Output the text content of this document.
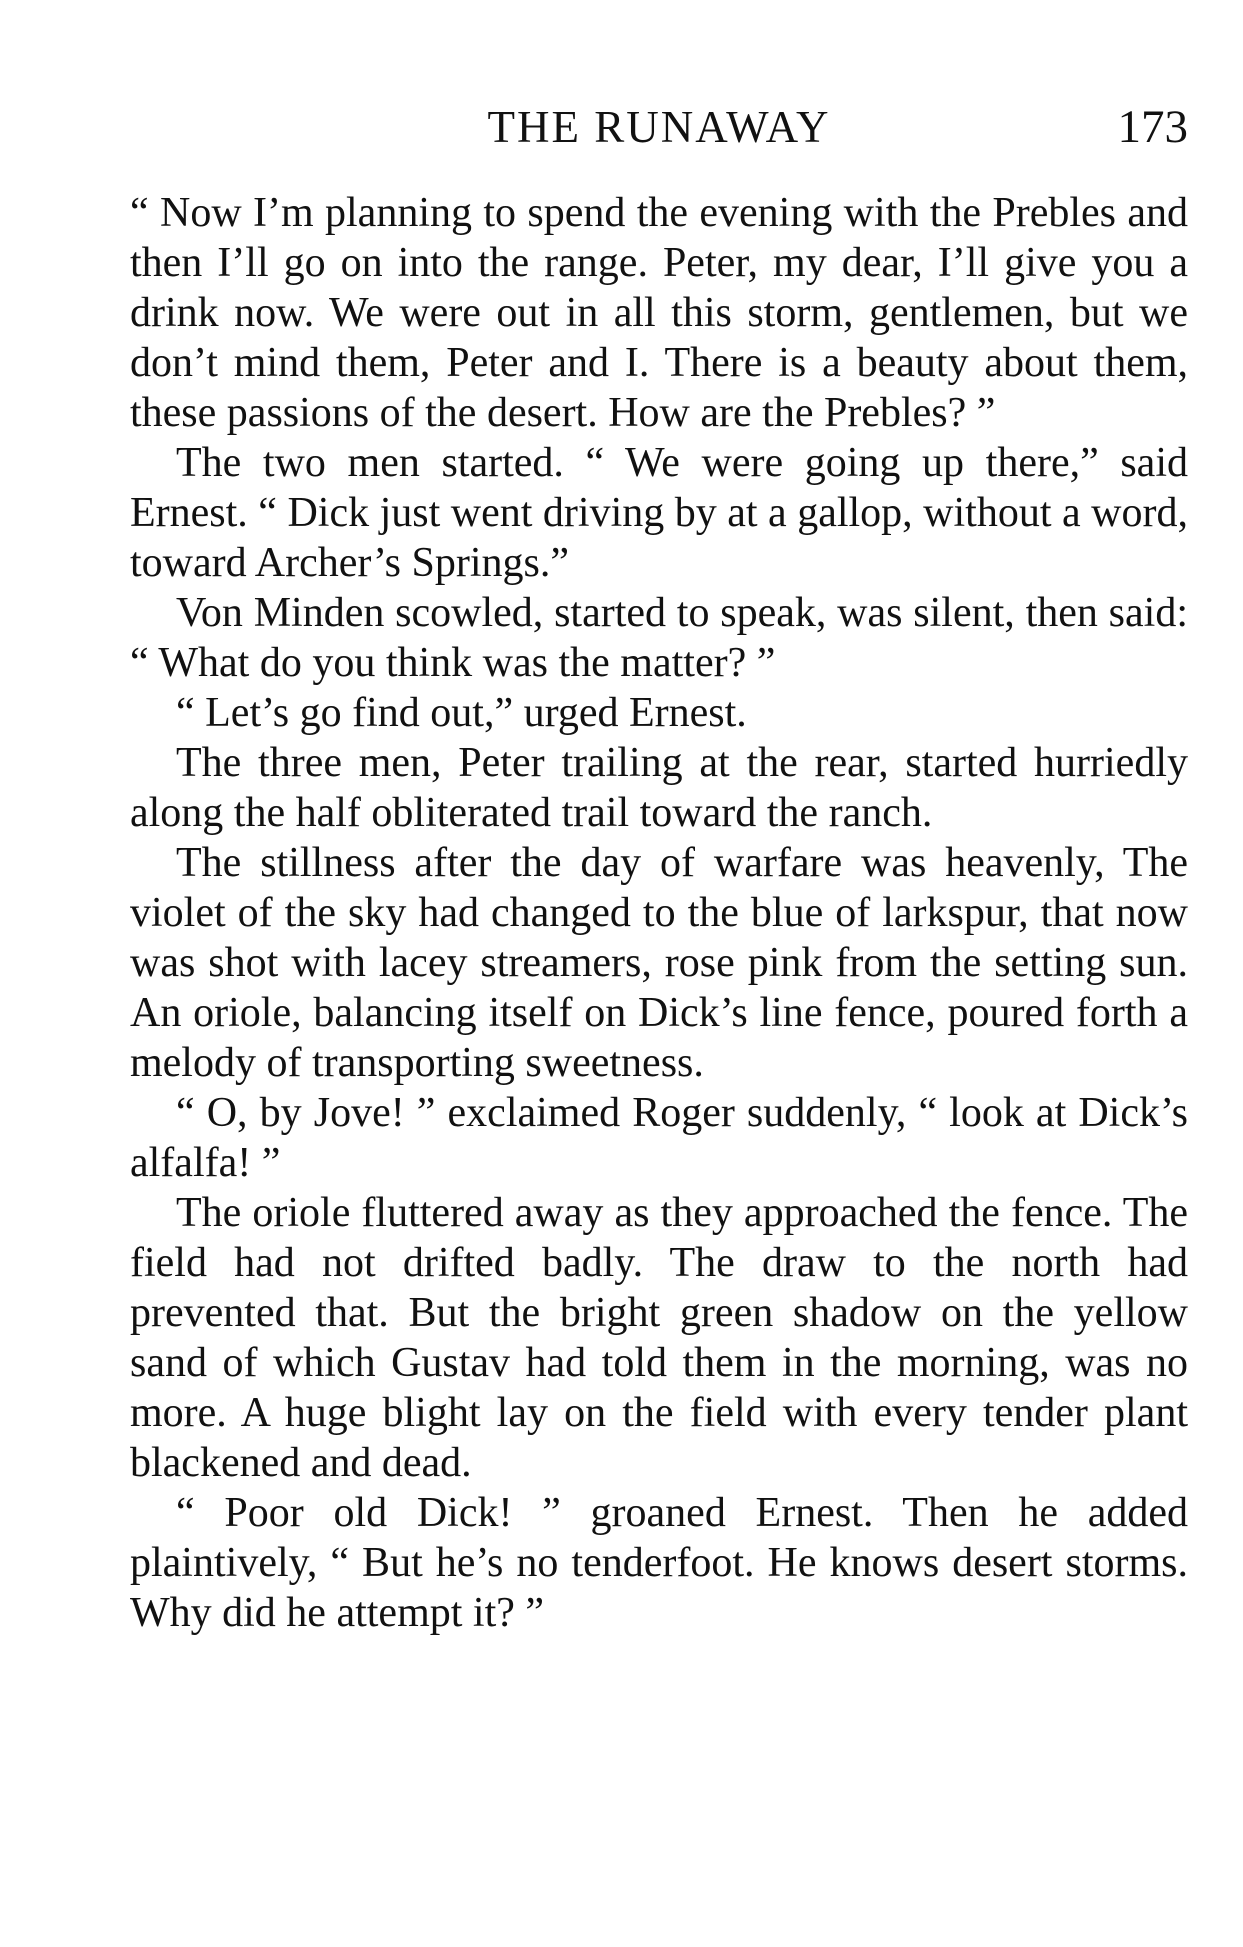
THE RUNAWAY	173

“ Now I’m planning to spend the evening with the Prebles and then I’ll go on into the range. Peter, my dear, I’ll give you a drink now. We were out in all this storm, gentlemen, but we don’t mind them, Peter and I. There is a beauty about them, these passions of the desert. How are the Prebles? ”

The two men started. “ We were going up there,” said Ernest. “ Dick just went driving by at a gallop, without a word, toward Archer’s Springs.”

Von Minden scowled, started to speak, was silent, then said: “ What do you think was the matter? ”

“ Let’s go find out,” urged Ernest.

The three men, Peter trailing at the rear, started hurriedly along the half obliterated trail toward the ranch.

The stillness after the day of warfare was heavenly, The violet of the sky had changed to the blue of larkspur, that now was shot with lacey streamers, rose pink from the setting sun. An oriole, balancing itself on Dick’s line fence, poured forth a melody of transporting sweetness.

“ O, by Jove! ” exclaimed Roger suddenly, “ look at Dick’s alfalfa! ”

The oriole fluttered away as they approached the fence. The field had not drifted badly. The draw to the north had prevented that. But the bright green shadow on the yellow sand of which Gustav had told them in the morning, was no more. A huge blight lay on the field with every tender plant blackened and dead.

“ Poor old Dick! ” groaned Ernest. Then he added plaintively, “ But he’s no tenderfoot. He knows desert storms. Why did he attempt it? ”
